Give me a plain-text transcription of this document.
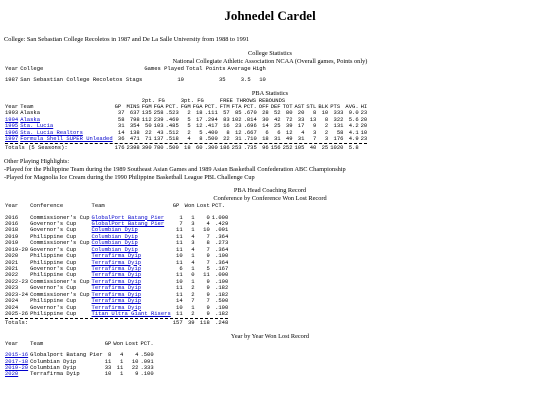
Johnedel Cardel

College: San Sebastian College Recoletos in 1987 and De La Salle University from 1988 to 1991

College Statistics

National Collegiate Athletic Association NCAA (Overall games, Points only)

Year	College	Games Played	Total Points	Average	High

1987	San Sebastian College Recoletos Stags	10	35	3.5	10

PBA Statistics

				2pt. FG			3pt. FG			FREE THROWS			REBOUNDS								
Year	Team	GP	MINS	FGM	FGA	PCT.	FGM	FGA	PCT.	FTM	FTA	PCT.	OFF	DEF	TOT	AST	STL	BLK	PTS	AVG.	HI
1993	Alaska	37	637	135	258	.523	2	18	.111	57	85	.670	28	52	80	20	8	10	333	9.0	23
1994	Alaska	58	798	112	239	.469	5	17	.294	83	102	.814	30	42	72	33	13	8	322	5.6	20
1995	Sta. Lucia	31	354	50	103	.485	5	12	.417	16	23	.696	14	25	39	17	9	2	131	4.2	20
1996	Sta. Lucia Realtors	14	138	22	43	.512	2	5	.400	8	12	.667	6	6	12	4	3	2	58	4.1	10
1997	Formula Shell SUPER Unleaded	36	471	71	137	.518	4	8	.500	22	31	.710	18	31	49	31	7	3	176	4.9	23

Totals (5 Seasons):		176	2398	390	780	.500	18	60	.300	186	253	.735	96	156	252	105	40	25	1020	5.8	

Other Playing Highlights:

-Played for the Philippine Team during the 1989 Southeast Asian Games and 1989 Asian Basketball Confederation ABC Championship

-Played for Magnolia Ice Cream during the 1990 Philippine Basketball League PBL Challenge Cup

PBA Head Coaching Record

Conference by Conference Won Lost Record

Year	Conference	Team	GP	Won	Lost	PCT.

2016	Commissioner's Cup	GlobalPort Batang Pier	1	1	0	1.000
2016	Governor's Cup	GlobalPort Batang Pier	7	3	4	.429
2018	Governor's Cup	Columbian Dyip	11	1	10	.091
2019	Philippine Cup	Columbian Dyip	11	4	7	.364
2019	Commissioner's Cup	Columbian Dyip	11	3	8	.273
2019-20	Governor's Cup	Columbian Dyip	11	4	7	.364
2020	Philippine Cup	Terrafirma Dyip	10	1	9	.100
2021	Philippine Cup	Terrafirma Dyip	11	4	7	.364
2021	Governor's Cup	Terrafirma Dyip	6	1	5	.167
2022	Philippine Cup	Terrafirma Dyip	11	0	11	.000
2022-23	Commissioner's Cup	Terrafirma Dyip	10	1	9	.100
2023	Governor's Cup	Terrafirma Dyip	11	2	9	.182
2023-24	Commissioner's Cup	Terrafirma Dyip	11	2	9	.182
2024	Philippine Cup	Terrafirma Dyip	14	7	7	.500
2024	Governor's Cup	Terrafirma Dyip	10	1	9	.100
2025-26	Philippine Cup	Titan Ultra Giant Risers	11	2	9	.182

Totals:			157	39	118	.248

Year by Year Won Lost Record

Year	Team	GP	Won	Lost	PCT.

2015-16	Globalport Batang Pier	8	4	4	.500
2017-18	Columbian Dyip	11	1	10	.091
2019-20	Columbian Dyip	33	11	22	.333
2020	Terrafirma Dyip	10	1	9	.100
